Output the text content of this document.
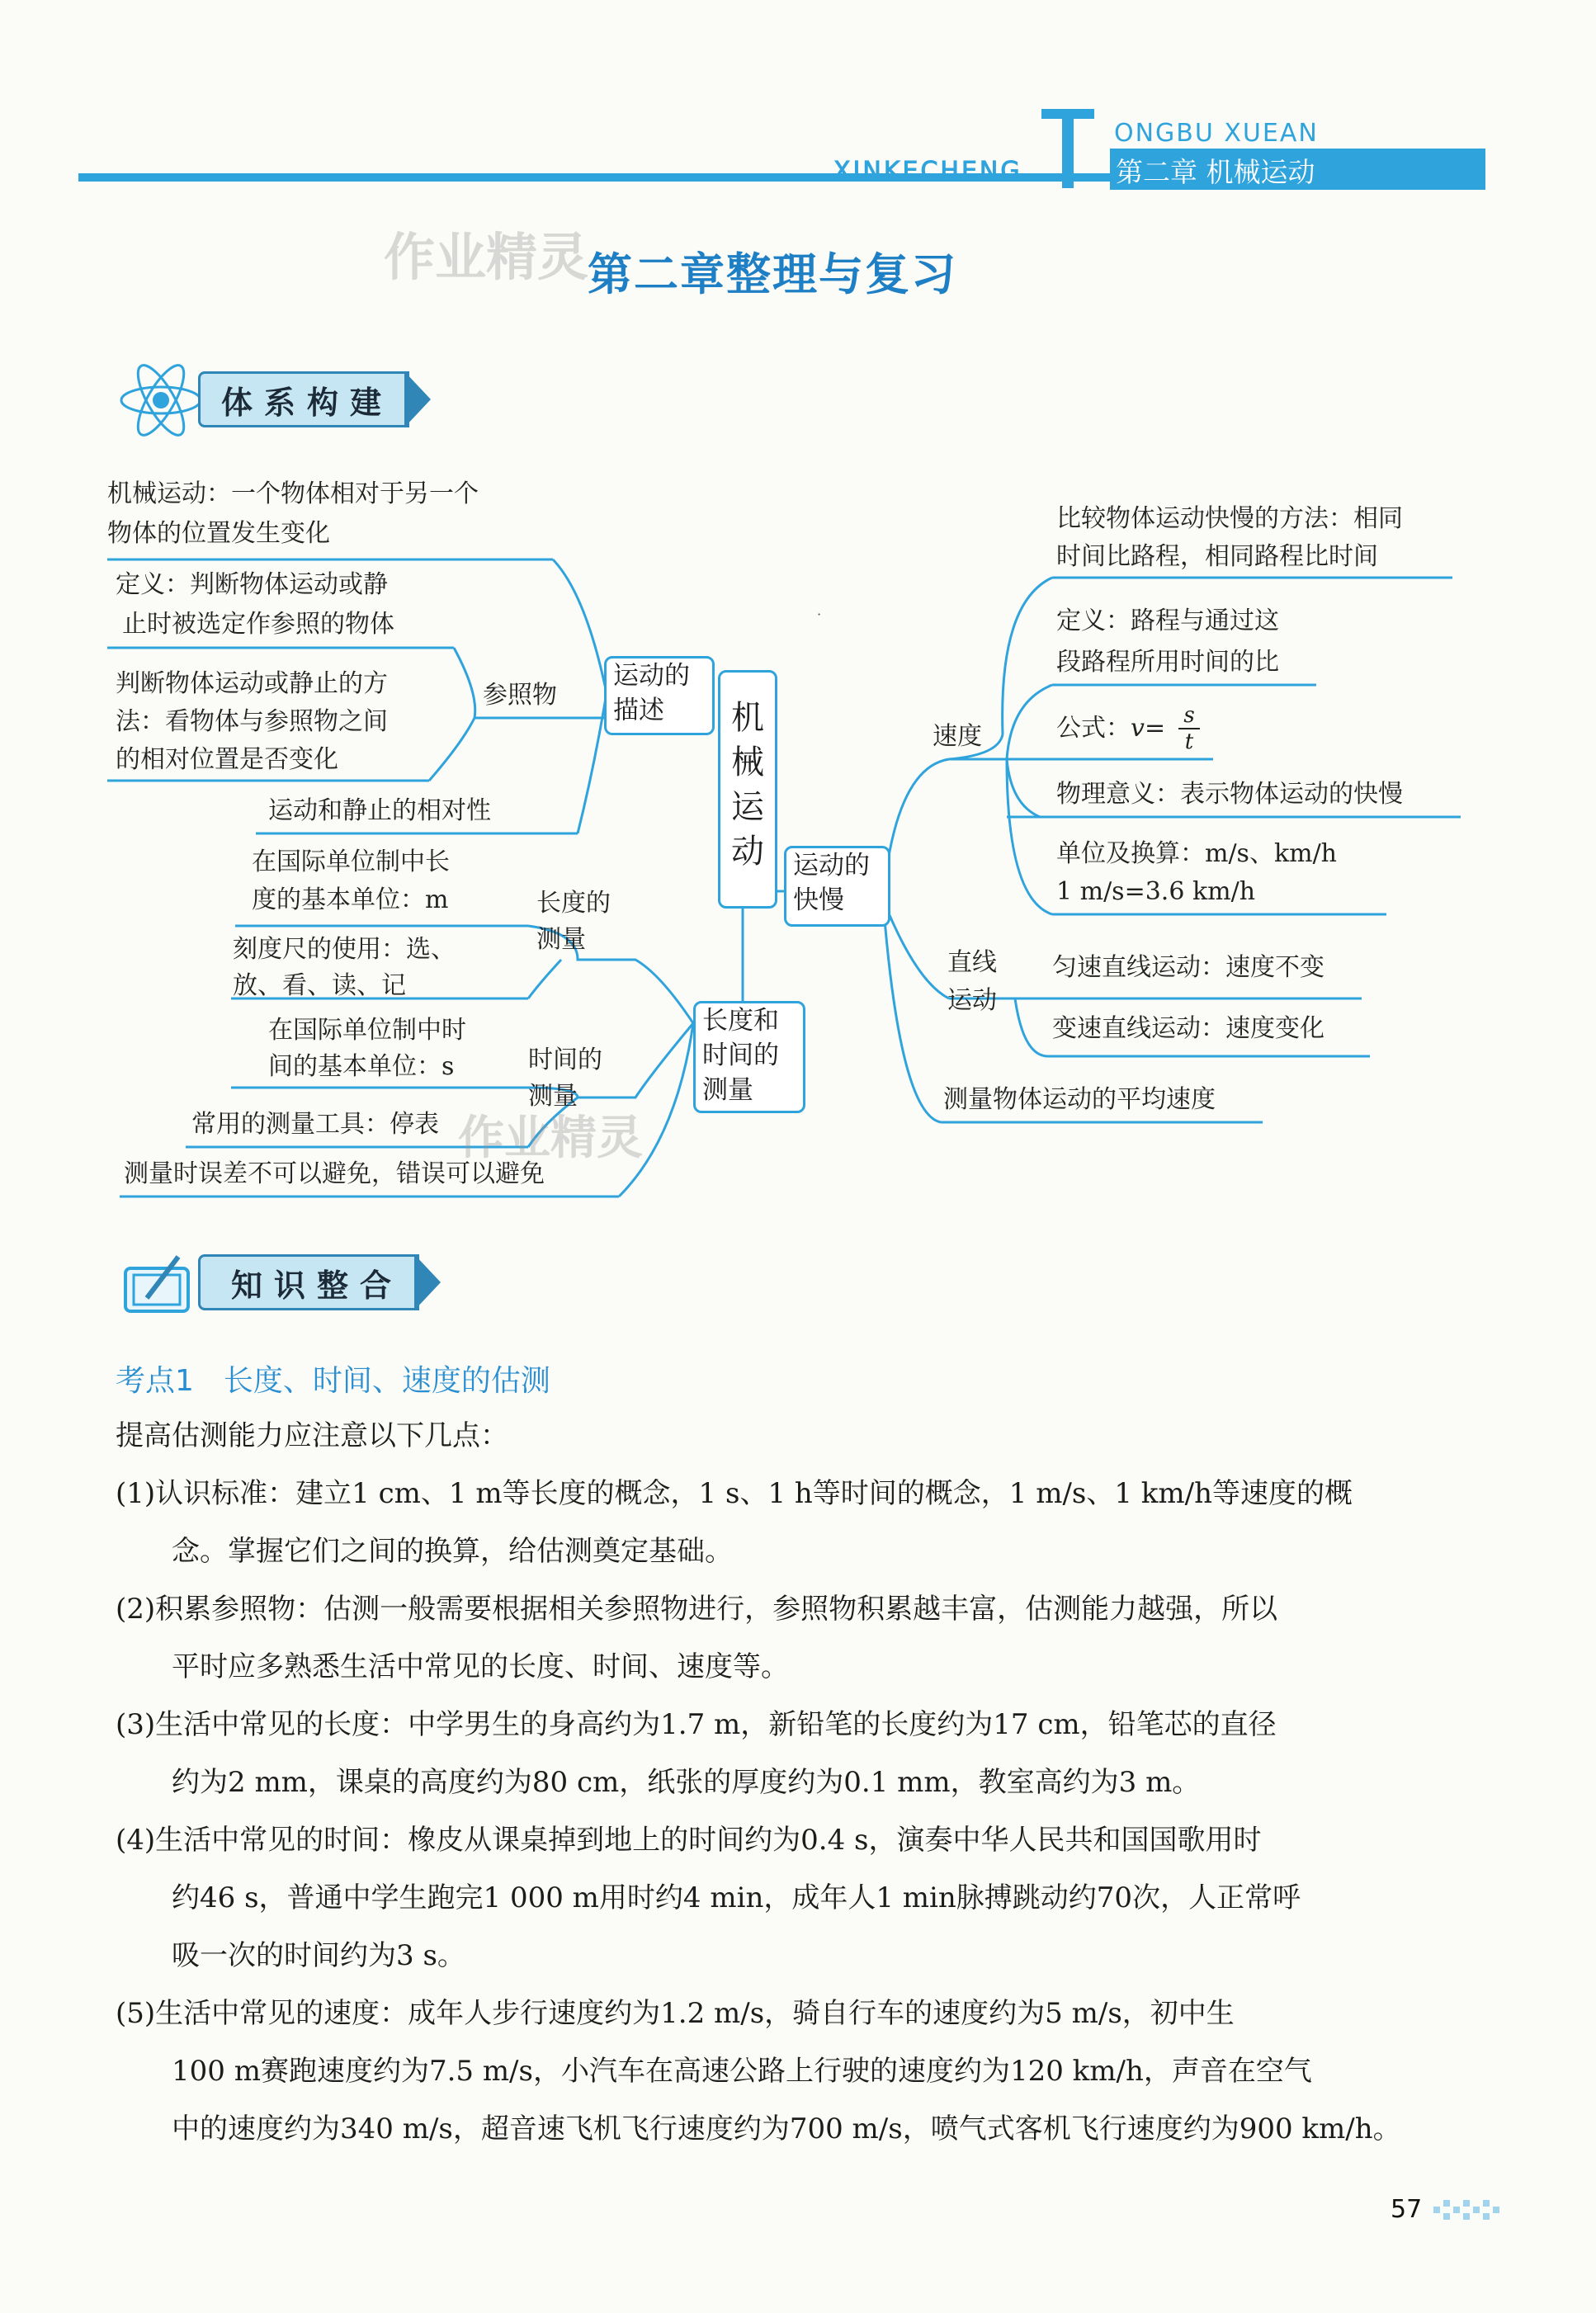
ONGBU XUEAN
XINKECHENG	第二章 机械运动
作业精灵
第二章整理与复习
体系构建
·
机械运动
运动的
描述
运动的
快慢
长度和
时间的
测量
机械运动：一个物体相对于另一个
物体的位置发生变化
定义：判断物体运动或静
止时被选定作参照的物体
参照物
判断物体运动或静止的方
法：看物体与参照物之间
的相对位置是否变化
运动和静止的相对性
在国际单位制中长
度的基本单位：m	长度的
测量
刻度尺的使用：选、
放、看、读、记
在国际单位制中时
间的基本单位：s	时间的
测量
常用的测量工具：停表 作业精灵
测量时误差不可以避免，错误可以避免
比较物体运动快慢的方法：相同
时间比路程，相同路程比时间
定义：路程与通过这
段路程所用时间的比
速度	公式：$v= \frac{s}{t}$
物理意义：表示物体运动的快慢
单位及换算：m/s、km/h
1 m/s=3.6 km/h
直线
运动
匀速直线运动：速度不变
变速直线运动：速度变化
测量物体运动的平均速度
知识整合
考点1　长度、时间、速度的估测
提高估测能力应注意以下几点：
(1)认识标准：建立1 cm、1 m等长度的概念，1 s、1 h等时间的概念，1 m/s、1 km/h等速度的概
念。掌握它们之间的换算，给估测奠定基础。
(2)积累参照物：估测一般需要根据相关参照物进行，参照物积累越丰富，估测能力越强，所以
平时应多熟悉生活中常见的长度、时间、速度等。
(3)生活中常见的长度：中学男生的身高约为1.7 m，新铅笔的长度约为17 cm，铅笔芯的直径
约为2 mm，课桌的高度约为80 cm，纸张的厚度约为0.1 mm，教室高约为3 m。
(4)生活中常见的时间：橡皮从课桌掉到地上的时间约为0.4 s，演奏中华人民共和国国歌用时
约46 s，普通中学生跑完1 000 m用时约4 min，成年人1 min脉搏跳动约70次，人正常呼
吸一次的时间约为3 s。
(5)生活中常见的速度：成年人步行速度约为1.2 m/s，骑自行车的速度约为5 m/s，初中生
100 m赛跑速度约为7.5 m/s，小汽车在高速公路上行驶的速度约为120 km/h，声音在空气
中的速度约为340 m/s，超音速飞机飞行速度约为700 m/s，喷气式客机飞行速度约为900 km/h。
57
